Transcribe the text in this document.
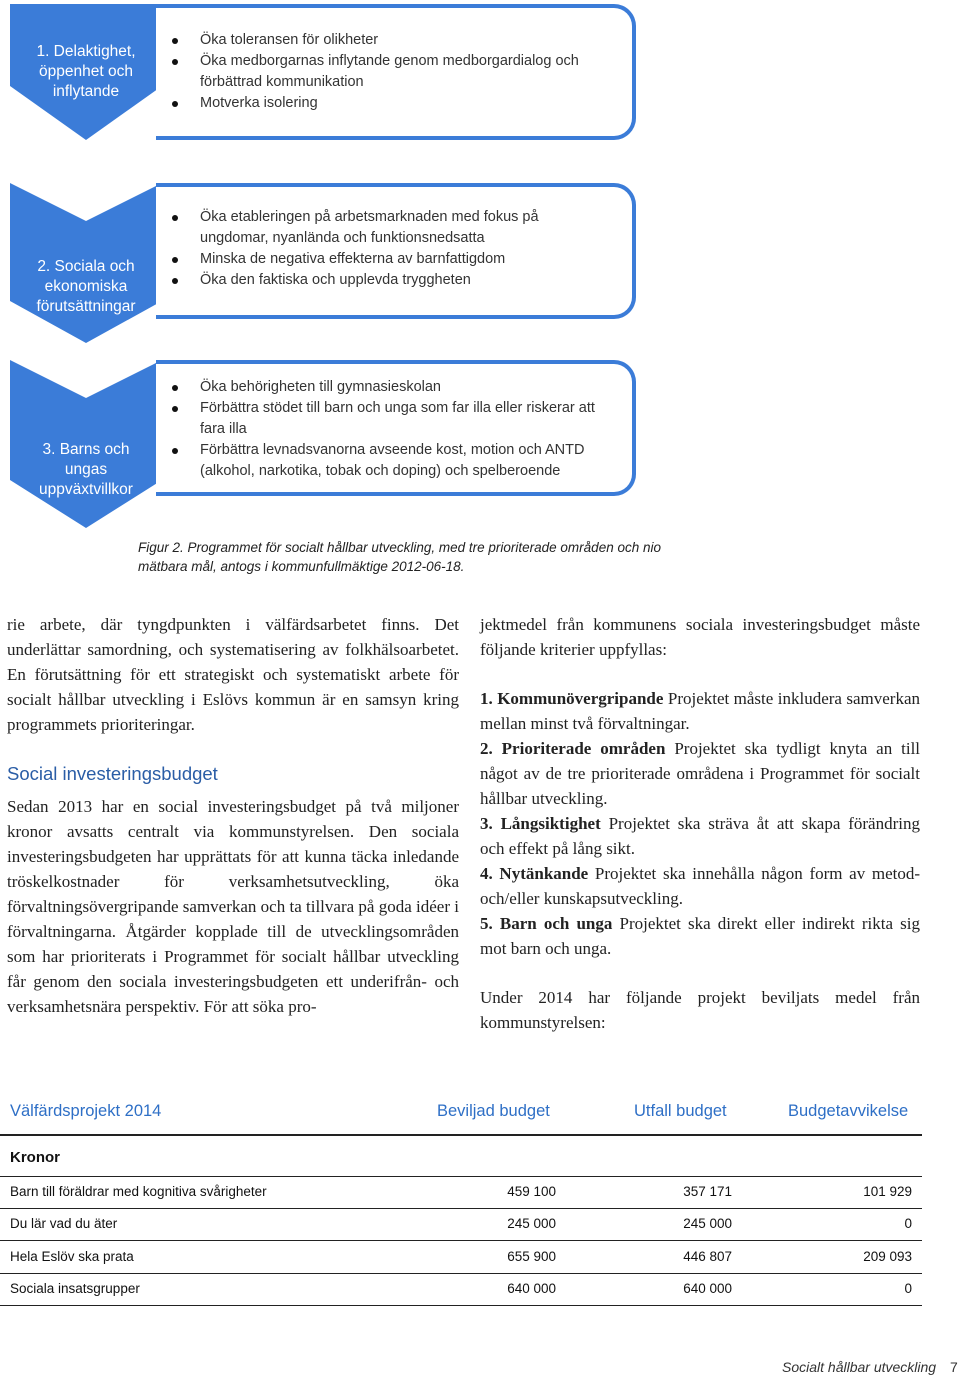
1. Delaktighet, öppenhet och inflytande
Öka toleransen för olikheter
Öka medborgarnas inflytande genom medborgardialog och förbättrad kommunikation
Motverka isolering
2. Sociala och ekonomiska förutsättningar
Öka etableringen på arbetsmarknaden med fokus på ungdomar, nyanlända och funktionsnedsatta
Minska de negativa effekterna av barnfattigdom
Öka den faktiska och upplevda tryggheten
3. Barns och ungas uppväxtvillkor
Öka behörigheten till gymnasieskolan
Förbättra stödet till barn och unga som far illa eller riskerar att fara illa
Förbättra levnadsvanorna avseende kost, motion och ANTD (alkohol, narkotika, tobak och doping) och spelberoende
Figur 2. Programmet för socialt hållbar utveckling, med tre prioriterade områden och nio mätbara mål, antogs i kommunfullmäktige 2012-06-18.

rie arbete, där tyngdpunkten i välfärdsarbetet finns. Det underlättar samordning, och systematisering av folkhälsoarbetet. En förutsättning för ett strategiskt och systematiskt arbete för socialt hållbar utveckling i Eslövs kommun är en samsyn kring programmets prioriteringar.

Social investeringsbudget

Sedan 2013 har en social investeringsbudget på två miljoner kronor avsatts centralt via kommunstyrelsen. Den sociala investeringsbudgeten har upprättats för att kunna täcka inledande tröskelkostnader för verksamhetsutveckling, öka förvaltningsövergripande samverkan och ta tillvara på goda idéer i förvaltningarna. Åtgärder kopplade till de utvecklingsområden som har prioriterats i Programmet för socialt hållbar utveckling får genom den sociala investeringsbudgeten ett underifrån- och verksamhetsnära perspektiv. För att söka pro-

jektmedel från kommunens sociala investeringsbudget måste följande kriterier uppfyllas:

1. Kommunövergripande Projektet måste inkludera samverkan mellan minst två förvaltningar.

2. Prioriterade områden Projektet ska tydligt knyta an till något av de tre prioriterade områdena i Programmet för socialt hållbar utveckling.

3. Långsiktighet Projektet ska sträva åt att skapa förändring och effekt på lång sikt.

4. Nytänkande Projektet ska innehålla någon form av metod- och/eller kunskapsutveckling.

5. Barn och unga Projektet ska direkt eller indirekt rikta sig mot barn och unga.

Under 2014 har följande projekt beviljats medel från kommunstyrelsen:

Välfärdsprojekt 2014	Beviljad budget	Utfall budget	Budgetavvikelse
Kronor
Barn till föräldrar med kognitiva svårigheter	459 100	357 171	101 929
Du lär vad du äter	245 000	245 000	0
Hela Eslöv ska prata	655 900	446 807	209 093
Sociala insatsgrupper	640 000	640 000	0
Socialt hållbar utveckling 7
